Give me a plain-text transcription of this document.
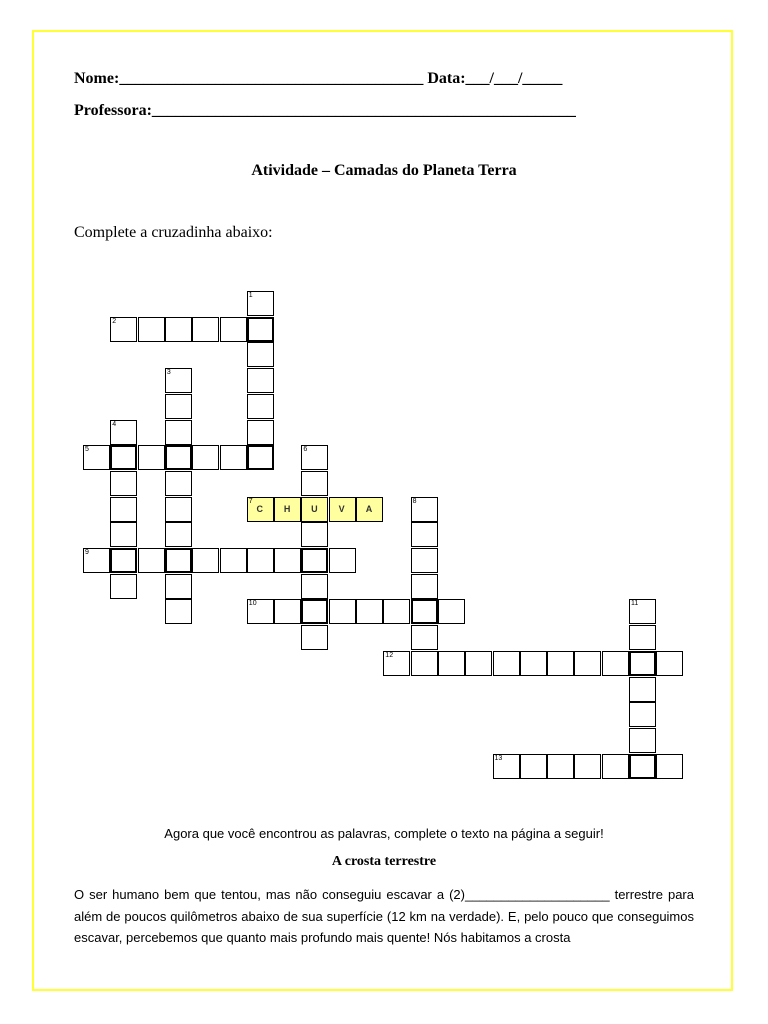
Nome:______________________________________ Data:___/___/_____
Professora:_____________________________________________________
Atividade – Camadas do Planeta Terra
Complete a cruzadinha abaixo:
1
2
3
4
5	6
U
7
C	H	V	A
8
9
10	11
12
13
Agora que você encontrou as palavras, complete o texto na página a seguir!
A crosta terrestre
O ser humano bem que tentou, mas não conseguiu escavar a (2)____________________ terrestre para além de poucos quilômetros abaixo de sua superfície (12 km na verdade). E, pelo pouco que conseguimos escavar, percebemos que quanto mais profundo mais quente! Nós habitamos a crosta
